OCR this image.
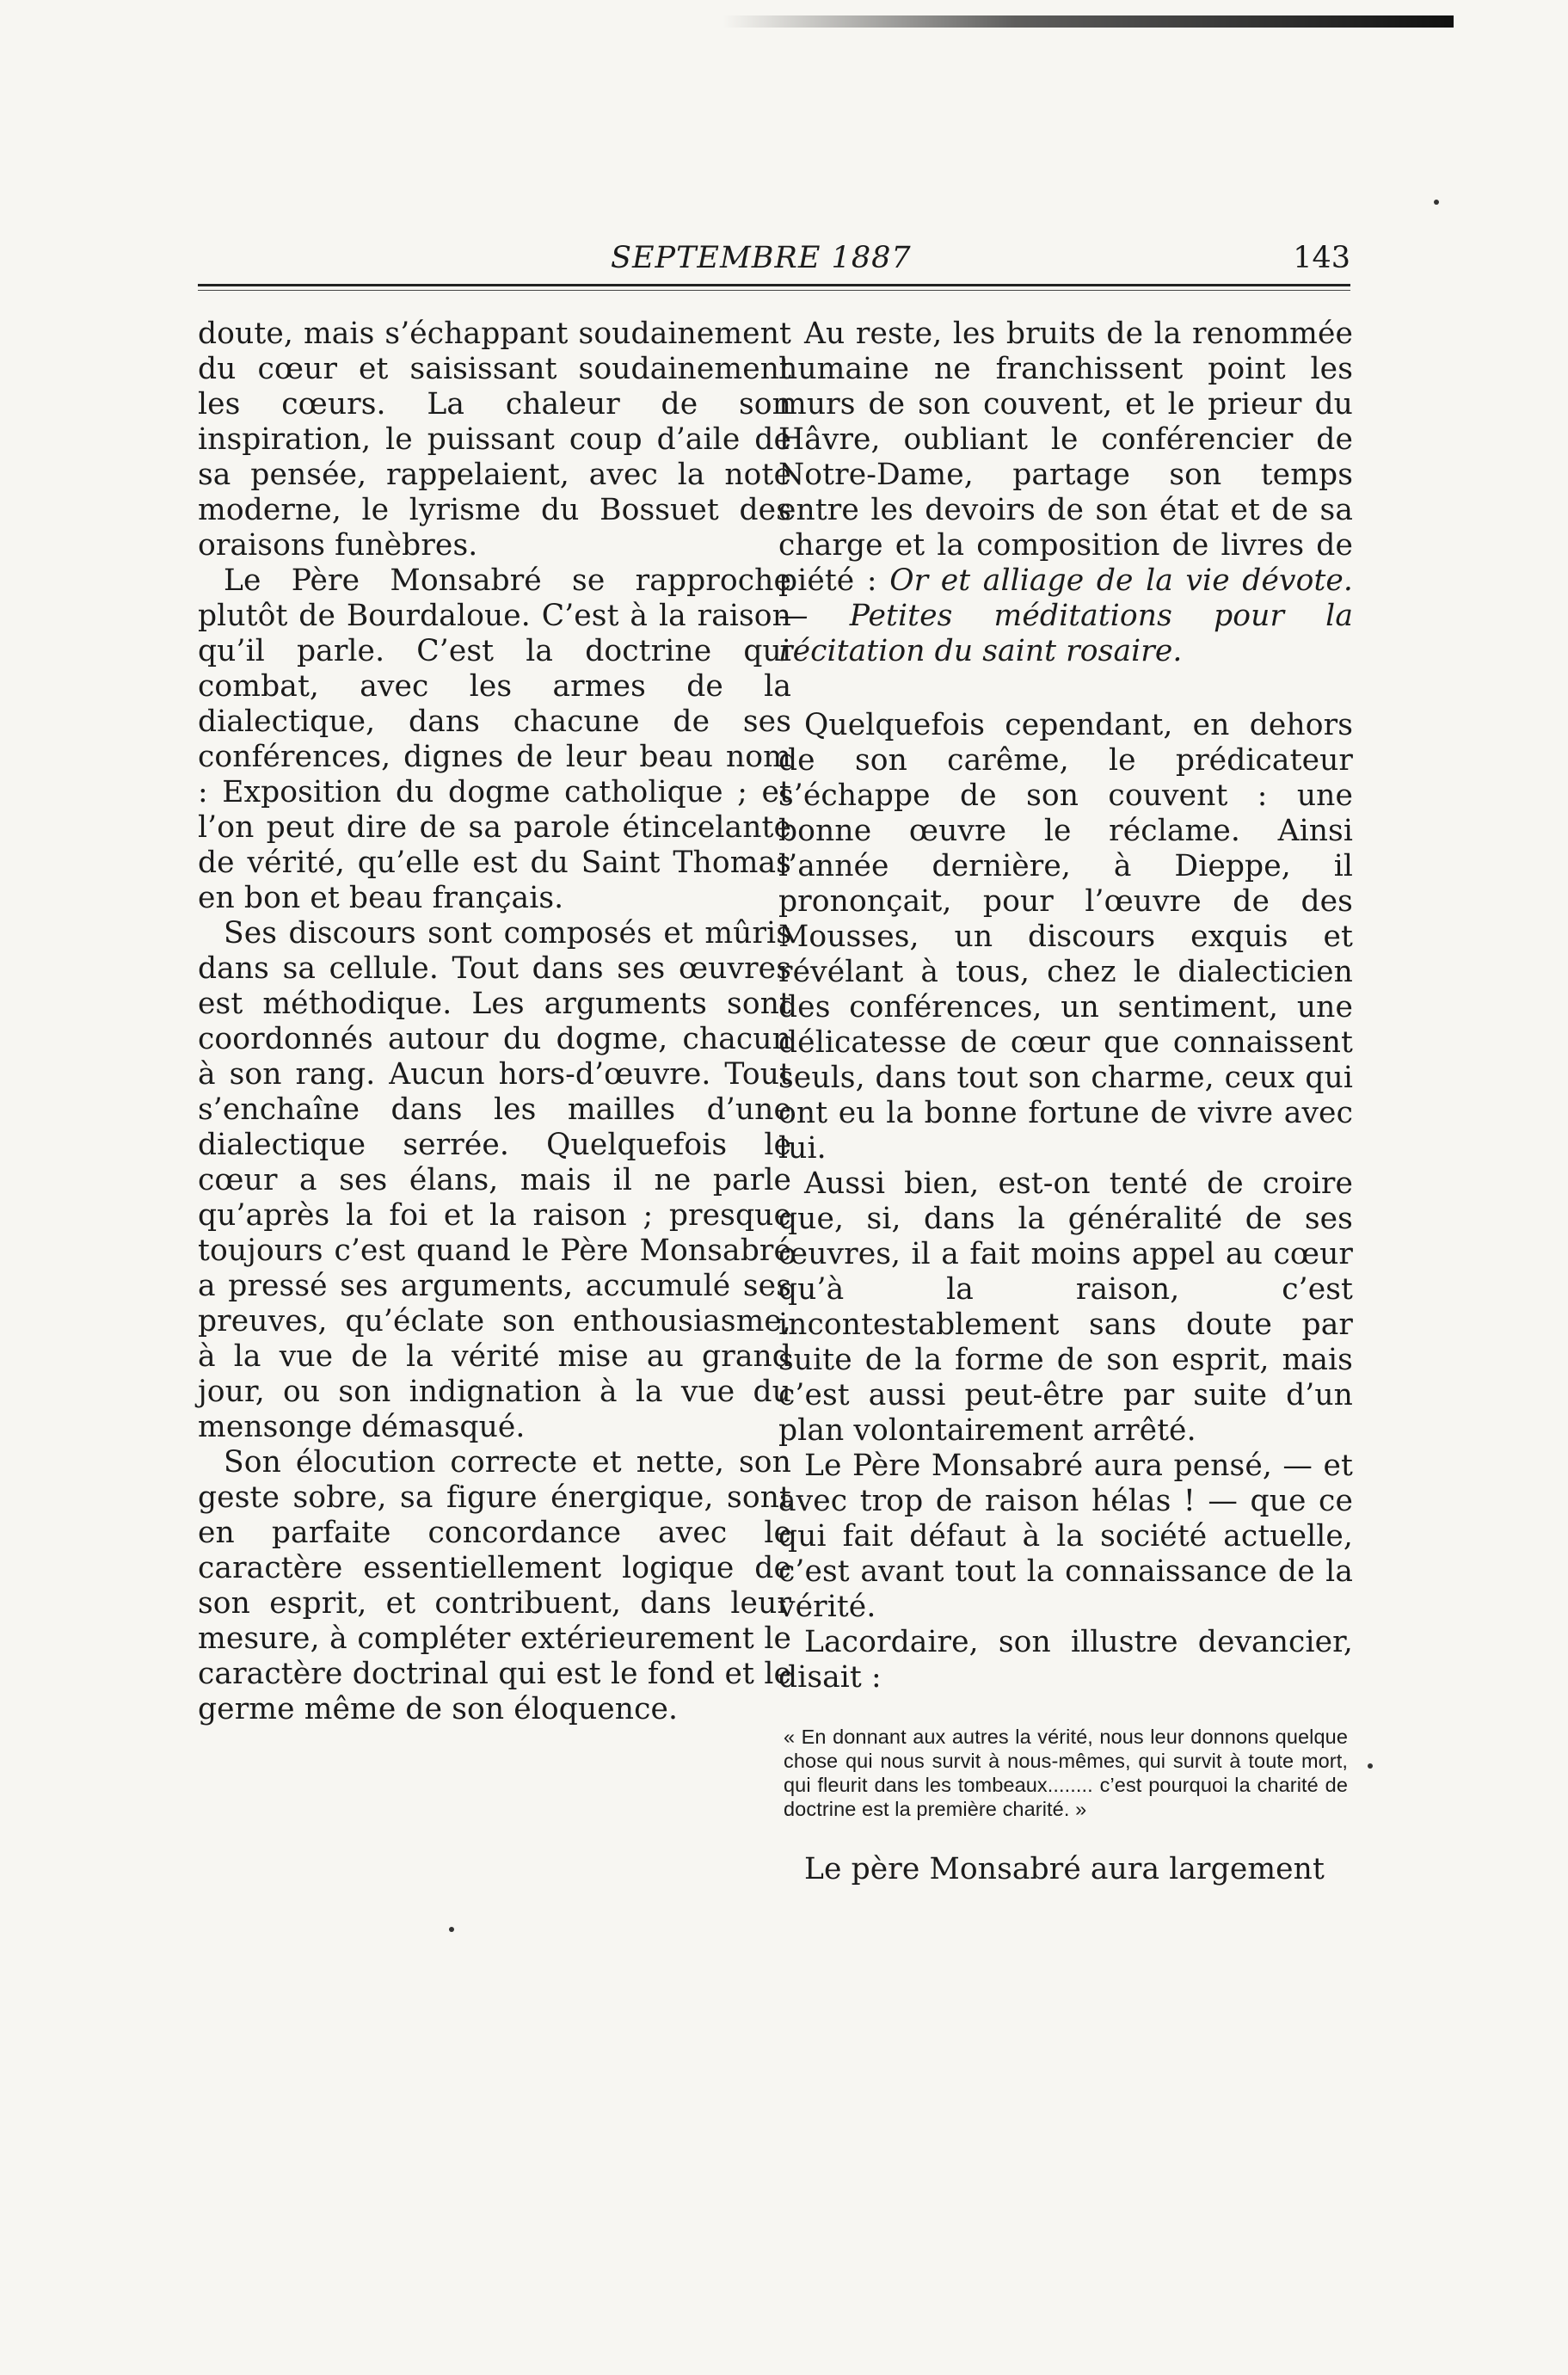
SEPTEMBRE 1887	143

doute, mais s’échappant soudainement du cœur et saisissant soudainement les cœurs. La chaleur de son inspiration, le puissant coup d’aile de sa pensée, rappelaient, avec la note moderne, le lyrisme du Bossuet des oraisons funèbres.

Le Père Monsabré se rapproche plutôt de Bourdaloue. C’est à la raison qu’il parle. C’est la doctrine qui combat, avec les armes de la dialectique, dans chacune de ses conférences, dignes de leur beau nom : Exposition du dogme catholique ; et l’on peut dire de sa parole étincelante de vérité, qu’elle est du Saint Thomas en bon et beau français.

Ses discours sont composés et mûris dans sa cellule. Tout dans ses œuvres est méthodique. Les arguments sont coordonnés autour du dogme, chacun à son rang. Aucun hors-d’œuvre. Tout s’enchaîne dans les mailles d’une dialectique serrée. Quelquefois le cœur a ses élans, mais il ne parle qu’après la foi et la raison ; presque toujours c’est quand le Père Monsabré a pressé ses arguments, accumulé ses preuves, qu’éclate son enthousiasme, à la vue de la vérité mise au grand jour, ou son indignation à la vue du mensonge démasqué.

Son élocution correcte et nette, son geste sobre, sa figure énergique, sont en parfaite concordance avec le caractère essentiellement logique de son esprit, et contribuent, dans leur mesure, à compléter extérieurement le caractère doctrinal qui est le fond et le germe même de son éloquence.

Au reste, les bruits de la renommée humaine ne franchissent point les murs de son couvent, et le prieur du Hâvre, oubliant le conférencier de Notre-Dame, partage son temps entre les devoirs de son état et de sa charge et la composition de livres de piété : Or et alliage de la vie dévote. — Petites méditations pour la récitation du saint rosaire.

Quelquefois cependant, en dehors de son carême, le prédicateur s’échappe de son couvent : une bonne œuvre le réclame. Ainsi l’année dernière, à Dieppe, il prononçait, pour l’œuvre de des Mousses, un discours exquis et révélant à tous, chez le dialecticien des conférences, un sentiment, une délicatesse de cœur que connaissent seuls, dans tout son charme, ceux qui ont eu la bonne fortune de vivre avec lui.

Aussi bien, est-on tenté de croire que, si, dans la généralité de ses œuvres, il a fait moins appel au cœur qu’à la raison, c’est incontestablement sans doute par suite de la forme de son esprit, mais c’est aussi peut-être par suite d’un plan volontairement arrêté.

Le Père Monsabré aura pensé, — et avec trop de raison hélas ! — que ce qui fait défaut à la société actuelle, c’est avant tout la connaissance de la vérité.

Lacordaire, son illustre devancier, disait :

« En donnant aux autres la vérité, nous leur donnons quelque chose qui nous survit à nous-mêmes, qui survit à toute mort, qui fleurit dans les tombeaux........ c’est pourquoi la charité de doctrine est la première charité. »

Le père Monsabré aura largement
